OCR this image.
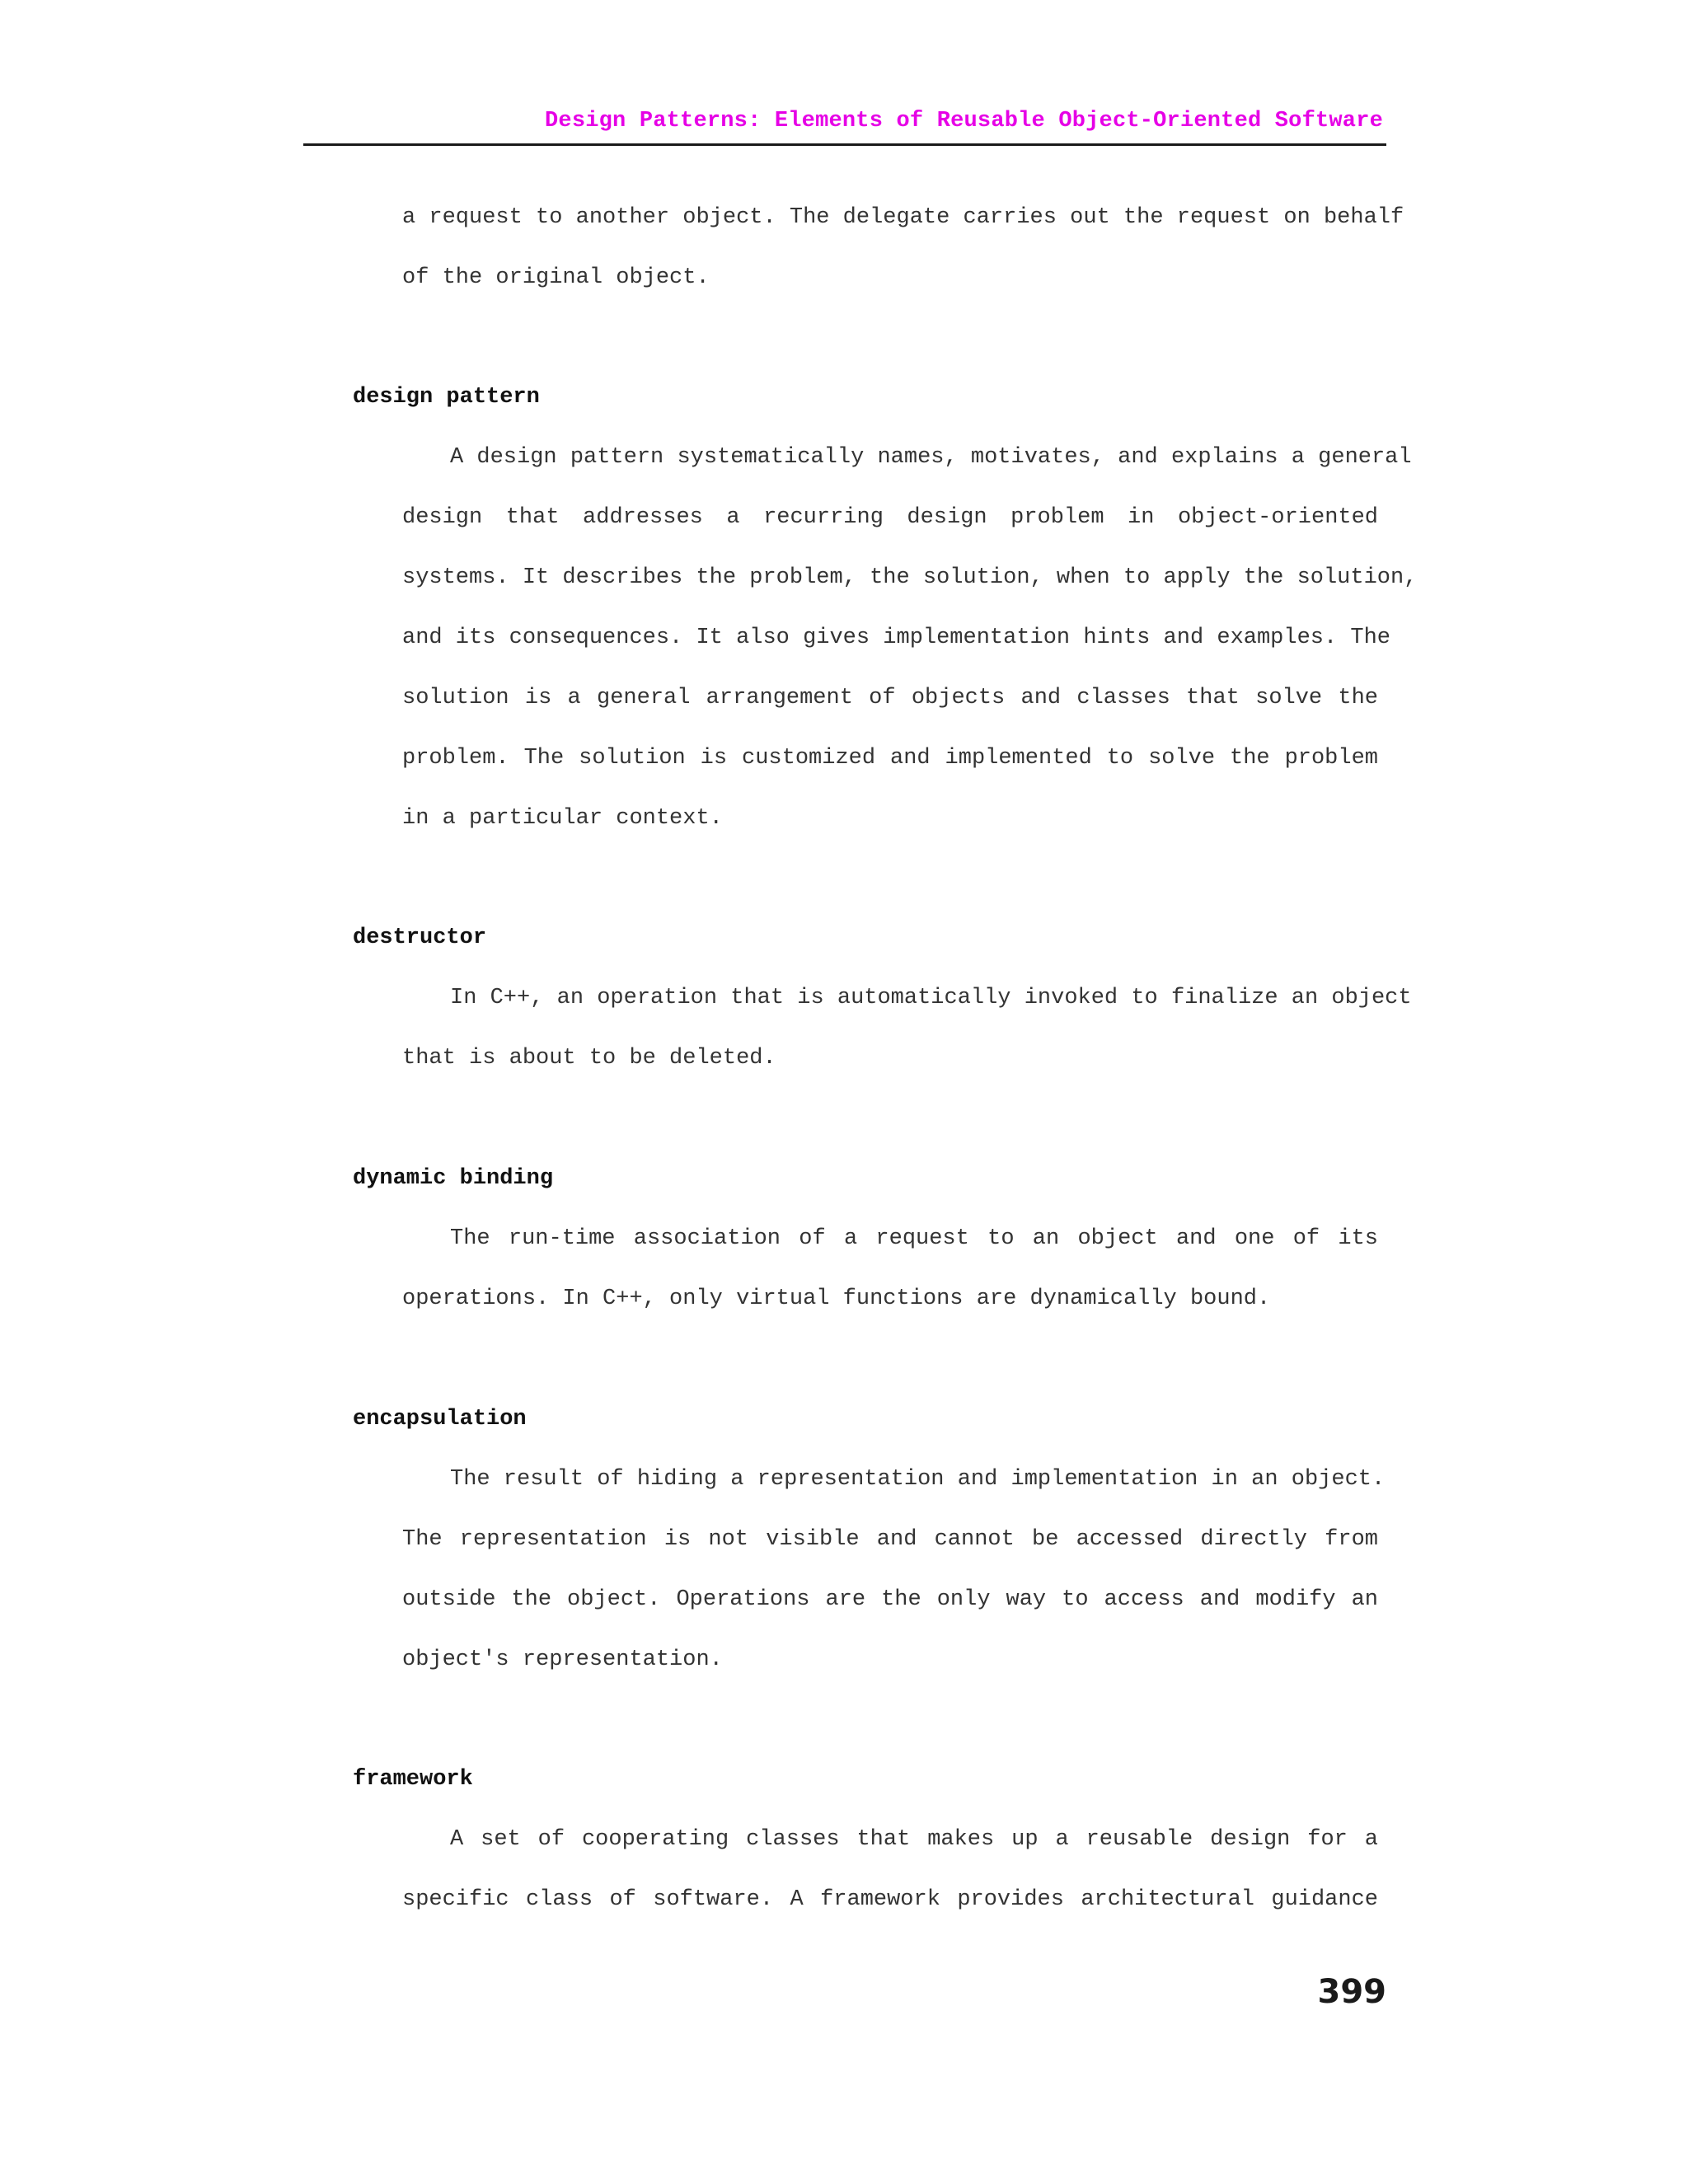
Design Patterns: Elements of Reusable Object-Oriented Software
a request to another object. The delegate carries out the request on behalf
of the original object.
design pattern
A design pattern systematically names, motivates, and explains a general
design that addresses a recurring design problem in object-oriented
systems. It describes the problem, the solution, when to apply the solution,
and its consequences. It also gives implementation hints and examples. The
solution is a general arrangement of objects and classes that solve the
problem. The solution is customized and implemented to solve the problem
in a particular context.
destructor
In C++, an operation that is automatically invoked to finalize an object
that is about to be deleted.
dynamic binding
The run-time association of a request to an object and one of its
operations. In C++, only virtual functions are dynamically bound.
encapsulation
The result of hiding a representation and implementation in an object.
The representation is not visible and cannot be accessed directly from
outside the object. Operations are the only way to access and modify an
object's representation.
framework
A set of cooperating classes that makes up a reusable design for a
specific class of software. A framework provides architectural guidance
399
